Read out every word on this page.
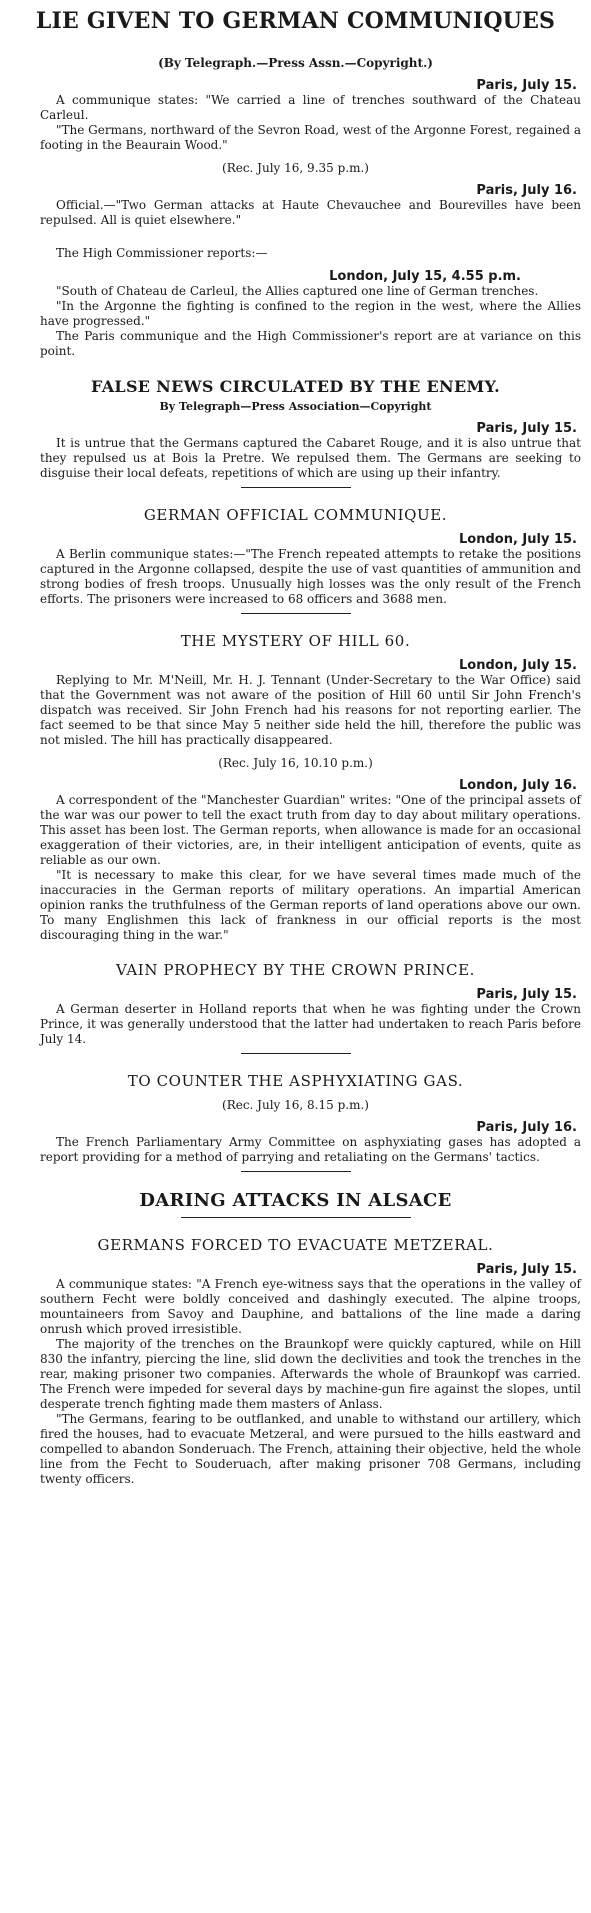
LIE GIVEN TO GERMAN COMMUNIQUES
(By Telegraph.—Press Assn.—Copyright.)
Paris, July 15.

A communique states: "We carried a line of trenches southward of the Chateau Carleul.

"The Germans, northward of the Sevron Road, west of the Argonne Forest, regained a footing in the Beaurain Wood."

(Rec. July 16, 9.35 p.m.)
Paris, July 16.

Official.—"Two German attacks at Haute Chevauchee and Bourevilles have been repulsed. All is quiet elsewhere."

The High Commissioner reports:—

London, July 15, 4.55 p.m.

"South of Chateau de Carleul, the Allies captured one line of German trenches.

"In the Argonne the fighting is confined to the region in the west, where the Allies have progressed."

The Paris communique and the High Commissioner's report are at variance on this point.

FALSE NEWS CIRCULATED BY THE ENEMY.
By Telegraph—Press Association—Copyright
Paris, July 15.

It is untrue that the Germans captured the Cabaret Rouge, and it is also untrue that they repulsed us at Bois la Pretre. We repulsed them. The Germans are seeking to disguise their local defeats, repetitions of which are using up their infantry.

GERMAN OFFICIAL COMMUNIQUE.
London, July 15.

A Berlin communique states:—"The French repeated attempts to retake the positions captured in the Argonne collapsed, despite the use of vast quantities of ammunition and strong bodies of fresh troops. Unusually high losses was the only result of the French efforts. The prisoners were increased to 68 officers and 3688 men.

THE MYSTERY OF HILL 60.
London, July 15.

Replying to Mr. M'Neill, Mr. H. J. Tennant (Under-Secretary to the War Office) said that the Government was not aware of the position of Hill 60 until Sir John French's dispatch was received. Sir John French had his reasons for not reporting earlier. The fact seemed to be that since May 5 neither side held the hill, therefore the public was not misled. The hill has practically disappeared.

(Rec. July 16, 10.10 p.m.)
London, July 16.

A correspondent of the "Manchester Guardian" writes: "One of the principal assets of the war was our power to tell the exact truth from day to day about military operations. This asset has been lost. The German reports, when allowance is made for an occasional exaggeration of their victories, are, in their intelligent anticipation of events, quite as reliable as our own.

"It is necessary to make this clear, for we have several times made much of the inaccuracies in the German reports of military operations. An impartial American opinion ranks the truthfulness of the German reports of land operations above our own. To many Englishmen this lack of frankness in our official reports is the most discouraging thing in the war."

VAIN PROPHECY BY THE CROWN PRINCE.
Paris, July 15.

A German deserter in Holland reports that when he was fighting under the Crown Prince, it was generally understood that the latter had undertaken to reach Paris before July 14.

TO COUNTER THE ASPHYXIATING GAS.
(Rec. July 16, 8.15 p.m.)
Paris, July 16.

The French Parliamentary Army Committee on asphyxiating gases has adopted a report providing for a method of parrying and retaliating on the Germans' tactics.

DARING ATTACKS IN ALSACE
GERMANS FORCED TO EVACUATE METZERAL.
Paris, July 15.

A communique states: "A French eye-witness says that the operations in the valley of southern Fecht were boldly conceived and dashingly executed. The alpine troops, mountaineers from Savoy and Dauphine, and battalions of the line made a daring onrush which proved irresistible.

The majority of the trenches on the Braunkopf were quickly captured, while on Hill 830 the infantry, piercing the line, slid down the declivities and took the trenches in the rear, making prisoner two companies. Afterwards the whole of Braunkopf was carried. The French were impeded for several days by machine-gun fire against the slopes, until desperate trench fighting made them masters of Anlass.

"The Germans, fearing to be outflanked, and unable to withstand our artillery, which fired the houses, had to evacuate Metzeral, and were pursued to the hills eastward and compelled to abandon Sonderuach. The French, attaining their objective, held the whole line from the Fecht to Souderuach, after making prisoner 708 Germans, including twenty officers.
